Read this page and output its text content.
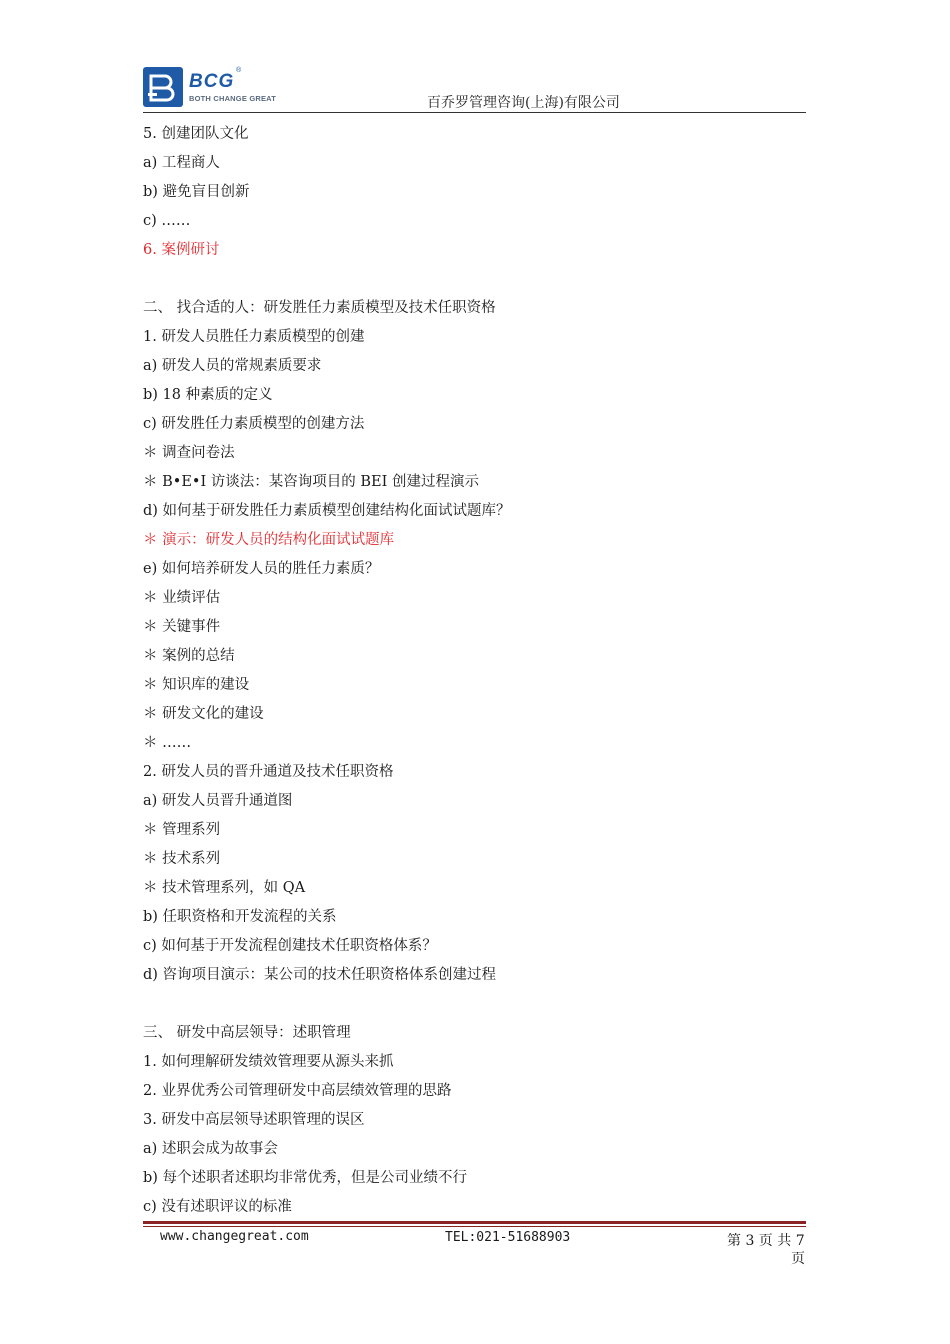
BCG
®
BOTH CHANGE GREAT	百乔罗管理咨询(上海)有限公司
5. 创建团队文化
a) 工程商人
b) 避免盲目创新
c) ……
6. 案例研讨
二、 找合适的人：研发胜任力素质模型及技术任职资格
1. 研发人员胜任力素质模型的创建
a) 研发人员的常规素质要求
b) 18 种素质的定义
c) 研发胜任力素质模型的创建方法
＊ 调查问卷法
＊ B•E•I 访谈法：某咨询项目的 BEI 创建过程演示
d) 如何基于研发胜任力素质模型创建结构化面试试题库？
＊ 演示：研发人员的结构化面试试题库
e) 如何培养研发人员的胜任力素质？
＊ 业绩评估
＊ 关键事件
＊ 案例的总结
＊ 知识库的建设
＊ 研发文化的建设
＊ ……
2. 研发人员的晋升通道及技术任职资格
a) 研发人员晋升通道图
＊ 管理系列
＊ 技术系列
＊ 技术管理系列，如 QA
b) 任职资格和开发流程的关系
c) 如何基于开发流程创建技术任职资格体系？
d) 咨询项目演示：某公司的技术任职资格体系创建过程
三、 研发中高层领导：述职管理
1. 如何理解研发绩效管理要从源头来抓
2. 业界优秀公司管理研发中高层绩效管理的思路
3. 研发中高层领导述职管理的误区
a) 述职会成为故事会
b) 每个述职者述职均非常优秀，但是公司业绩不行
c) 没有述职评议的标准
www.changegreat.com	TEL:021-51688903	第 3 页 共 7
页
